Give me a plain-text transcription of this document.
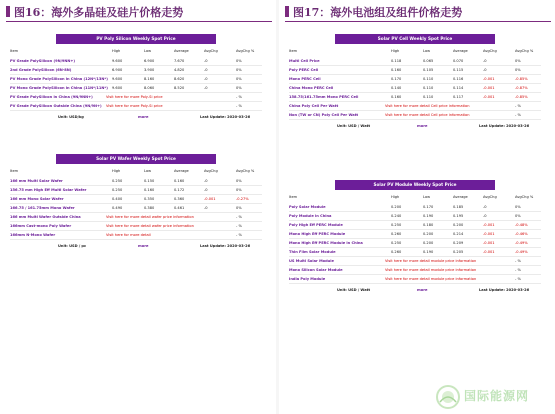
图16：海外多晶硅及硅片价格走势
PV Poly Silicon Weekly Spot Price
Item	High	Low	Average	AvgChg	AvgChg %
PV Grade PolySilicon (9N/9NN+)	9.600	6.900	7.670	-0	0%
2nd Grade PolySilicon (6N-8N)	6.900	3.900	4.820	-0	0%
PV Mono Grade PolySilicon in China (12N*/13N*) 9.600	8.160	8.620	-0	0%
PV Mono Grade PolySilicon in China (11N*/11N*) 9.600	8.060	8.520	-0	0%
PV Grade PolySilicon in China (9N/9NN+)	Visit here for more Poly-Si price	- %
PV Grade PolySilicon Outside China (9N/9N+) Visit here for more Poly-Si price	- %
Unit: USD/kg	more	Last Update: 2020-03-26
Solar PV Wafer Weekly Spot Price
Item	High	Low	Average	AvgChg	AvgChg %
166 mm Multi Solar Wafer	0.250	0.150	0.160	-0	0%
156.75 mm High Eff Multi Solar Wafer	0.250	0.160	0.172	-0	0%
166 mm Mono Solar Wafer	0.400	0.350	0.360	-0.001	-0.27%
166.75 / 161.75mm Mono Wafer	0.490	0.380	0.461	-0	0%
166 mm Multi Wafer Outside China	Visit here for more detail wafer price information	- %
166mm Cast-mono Poly Wafer	Visit here for more detail wafer price information	- %
166mm N-Mono Wafer	Visit here for more detail	- %
Unit: USD / pc	more	Last Update: 2020-03-26
图17：海外电池组及组件价格走势
国际能源网
Solar PV Cell Weekly Spot Price
Item	High	Low	Average	AvgChg	AvgChg %
Multi Cell Price	0.118	0.065	0.070	-0	0%
Poly PERC Cell	0.160	0.105	0.115	-0	0%
Mono PERC Cell	0.170	0.110	0.116	-0.001	-0.85%
China Mono PERC Cell	0.140	0.110	0.114	-0.001	-0.87%
158.75/161.75mm Mono PERC Cell	0.160	0.110	0.117	-0.001	-0.85%
China Poly Cell Per Watt	Visit here for more detail Cell price information	- %
Non (TW or CN) Poly Cell Per Watt	Visit here for more detail Cell price information	- %
Unit: USD / Watt	more	Last Update: 2020-03-26
Solar PV Module Weekly Spot Price
Item	High	Low	Average	AvgChg	AvgChg %
Poly Solar Module	0.200	0.170	0.185	-0	0%
Poly Module in China	0.240	0.190	0.195	-0	0%
Poly High Eff PERC Module	0.250	0.180	0.200	-0.001	-0.48%
Mono High Eff PERC Module	0.260	0.200	0.214	-0.001	-0.46%
Mono High Eff PERC Module in China	0.250	0.200	0.209	-0.001	-0.49%
Thin Film Solar Module	0.260	0.190	0.205	-0.001	-0.49%
US Multi Solar Module	Visit here for more detail module price information	- %
Mono Silicon Solar Module	Visit here for more detail module price information	- %
India Poly Module	Visit here for more detail module price information	- %
Unit: USD / Watt	more	Last Update: 2020-03-26
